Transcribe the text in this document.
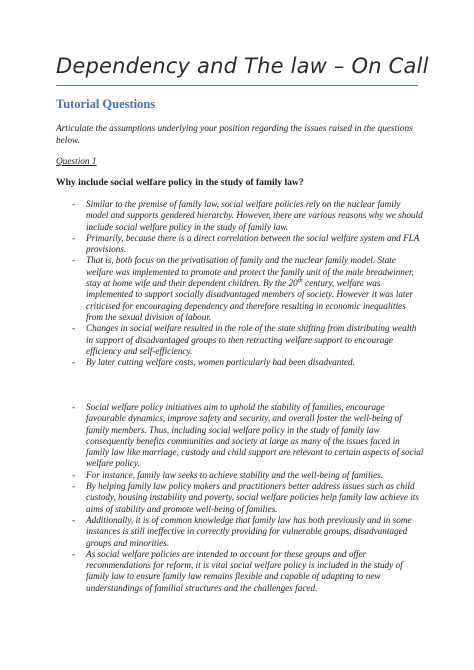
Dependency and The law – On Call
Tutorial Questions

Articulate the assumptions underlying your position regarding the issues raised in the questions below.

Question 1

Why include social welfare policy in the study of family law?

- Similar to the premise of family law, social welfare policies rely on the nuclear family model and supports gendered hierarchy. However, there are various reasons why we should include social welfare policy in the study of family law.
- Primarily, because there is a direct correlation between the social welfare system and FLA provisions.
- That is, both focus on the privatisation of family and the nuclear family model. State welfare was implemented to promote and protect the family unit of the male breadwinner, stay at home wife and their dependent children. By the 20th century, welfare was implemented to support socially disadvantaged members of society. However it was later criticised for encouraging dependency and therefore resulting in economic inequalities from the sexual division of labour.
- Changes in social welfare resulted in the role of the state shifting from distributing wealth in support of disadvantaged groups to then retracting welfare support to encourage efficiency and self-efficiency.
- By later cutting welfare costs, women particularly had been disadvanted.
- Social welfare policy initiatives aim to uphold the stability of families, encourage favourable dynamics, improve safety and security, and overall foster the well-being of family members. Thus, including social welfare policy in the study of family law consequently benefits communities and society at large as many of the issues faced in family law like marriage, custody and child support are relevant to certain aspects of social welfare policy.
- For instance, family law seeks to achieve stability and the well-being of families.
- By helping family law policy makers and practitioners better address issues such as child custody, housing instability and poverty, social welfare policies help family law achieve its aims of stability and promote well-being of families.
- Additionally, it is of common knowledge that family law has both previously and in some instances is still ineffective in correctly providing for vulnerable groups, disadvantaged groups and minorities.
- As social welfare policies are intended to account for these groups and offer recommendations for reform, it is vital social welfare policy is included in the study of family law to ensure family law remains flexible and capable of adapting to new understandings of familial structures and the challenges faced.
